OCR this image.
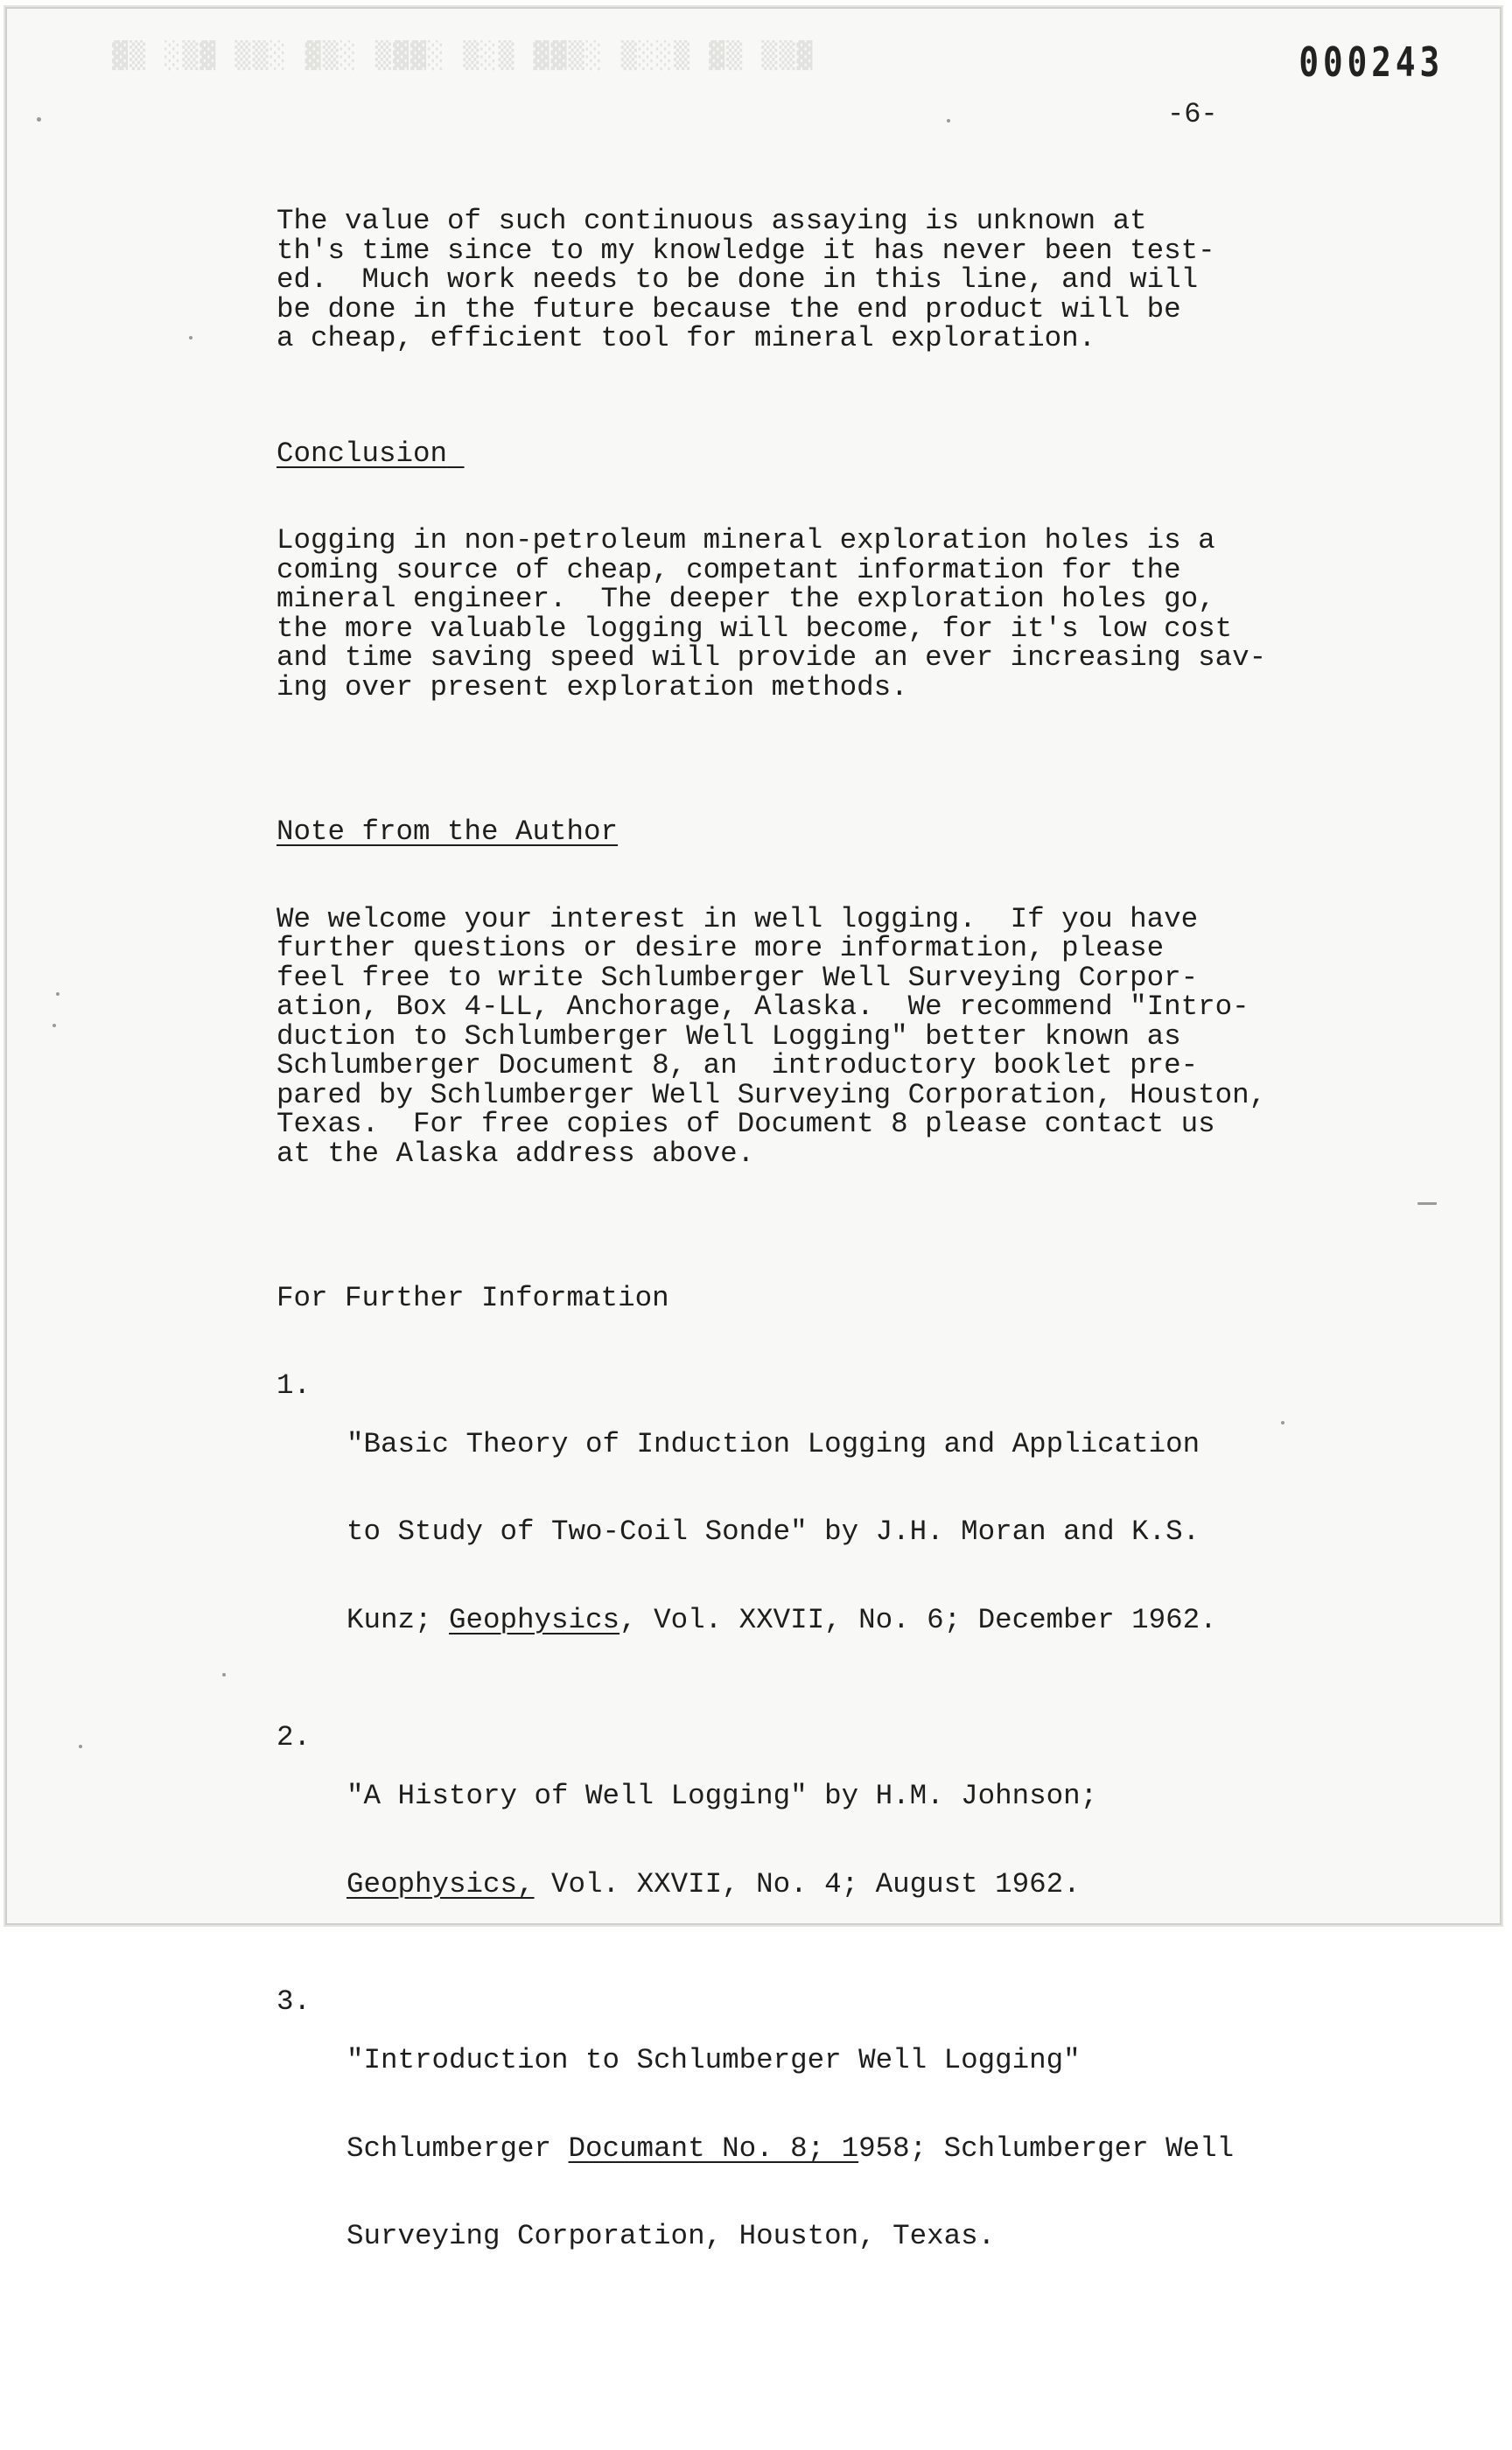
▓▒ ░▒▓ ▒▒░ ▓▒░ ▒▓▓░ ▒░▒ ▓▓▒░ ▒░░▒ ▓▒ ▒▒▓	000243
-6-

The value of such continuous assaying is unknown at

th's time since to my knowledge it has never been test-

ed.  Much work needs to be done in this line, and will

be done in the future because the end product will be

a cheap, efficient tool for mineral exploration.

Conclusion

Logging in non-petroleum mineral exploration holes is a

coming source of cheap, competant information for the

mineral engineer.  The deeper the exploration holes go,

the more valuable logging will become, for it's low cost

and time saving speed will provide an ever increasing sav-

ing over present exploration methods.

Note from the Author

We welcome your interest in well logging.  If you have

further questions or desire more information, please

feel free to write Schlumberger Well Surveying Corpor-

ation, Box 4-LL, Anchorage, Alaska.  We recommend "Intro-

duction to Schlumberger Well Logging" better known as

Schlumberger Document 8, an  introductory booklet pre-

pared by Schlumberger Well Surveying Corporation, Houston,

Texas.  For free copies of Document 8 please contact us

at the Alaska address above.

For Further Information

1.

"Basic Theory of Induction Logging and Application

to Study of Two-Coil Sonde" by J.H. Moran and K.S.

Kunz; Geophysics, Vol. XXVII, No. 6; December 1962.

2.

"A History of Well Logging" by H.M. Johnson;

Geophysics, Vol. XXVII, No. 4; August 1962.

3.

"Introduction to Schlumberger Well Logging"

Schlumberger Documant No. 8; 1958; Schlumberger Well

Surveying Corporation, Houston, Texas.
